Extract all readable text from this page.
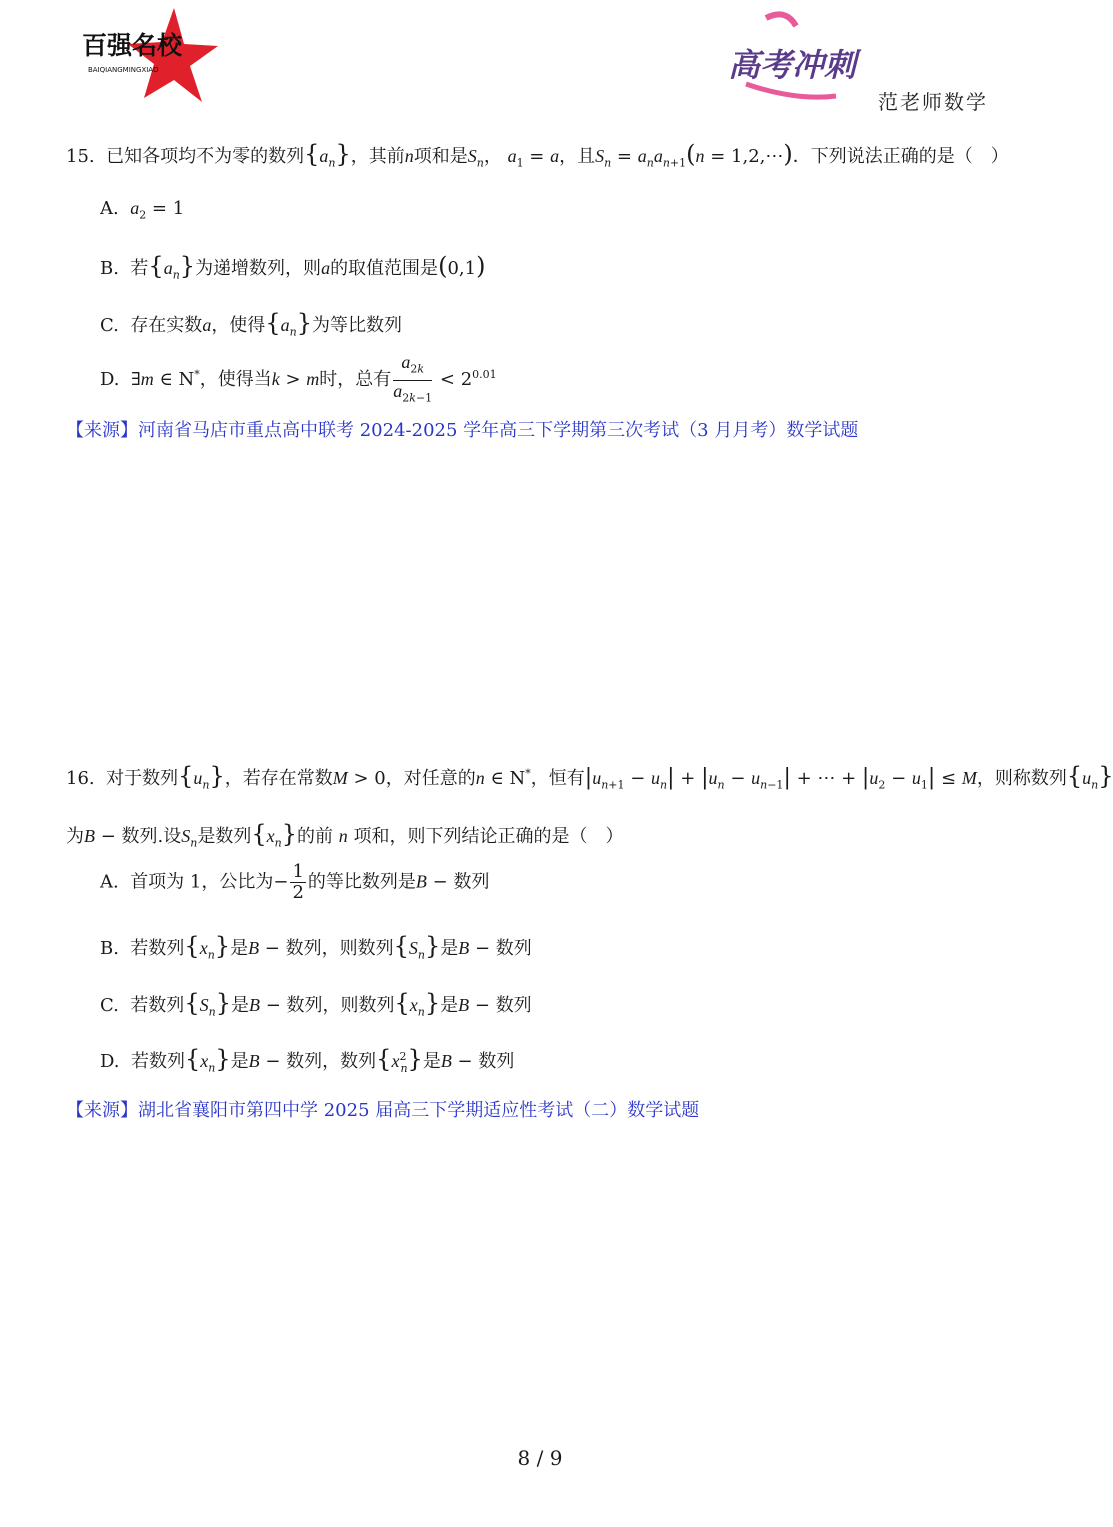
百强名校
BAIQIANGMINGXIAO	高考冲刺
范老师数学
15. 已知各项均不为零的数列$\{a_n\}$，其前n项和是$S_n$， $a_1 = a$，且$S_n = a_na_{n+1}(n$ = 1,2,⋯)．下列说法正确的是（　）
A. $a_2 = 1$
B. 若$\{a_n\}$为递增数列，则a的取值范围是(0,1)
C. 存在实数a，使得$\{a_n\}$为等比数列
D.  ∃m ∈ N*，使得当k > m时，总有 $\frac{a_{2k}}{a_{2k-1}} < 2^{0.01}$
【来源】河南省马店市重点高中联考 2024-2025 学年高三下学期第三次考试（3 月月考）数学试题
16. 对于数列$\{u_n\}$，若存在常数M > 0，对任意的n ∈ N*，恒有$|u_{n+1} - u_n| + |u_n - u_{n-1}|$ + ⋯ + $|u_2 - u_1| \le M$，则称数列$\{u_n\}$
为B − 数列.设$S_n$是数列$\{x_n\}$的前 n 项和，则下列结论正确的是（　）
A. 首项为 1，公比为− $\frac{1}{2}$ 的等比数列是B − 数列
B. 若数列$\{x_n\}$是B − 数列，则数列$\{S_n\}$是B − 数列
C. 若数列$\{S_n\}$是B − 数列，则数列$\{x_n\}$是B − 数列
D. 若数列$\{x_n\}$是B − 数列，数列$\{x^2_n\}$是B − 数列
【来源】湖北省襄阳市第四中学 2025 届高三下学期适应性考试（二）数学试题
8 / 9
